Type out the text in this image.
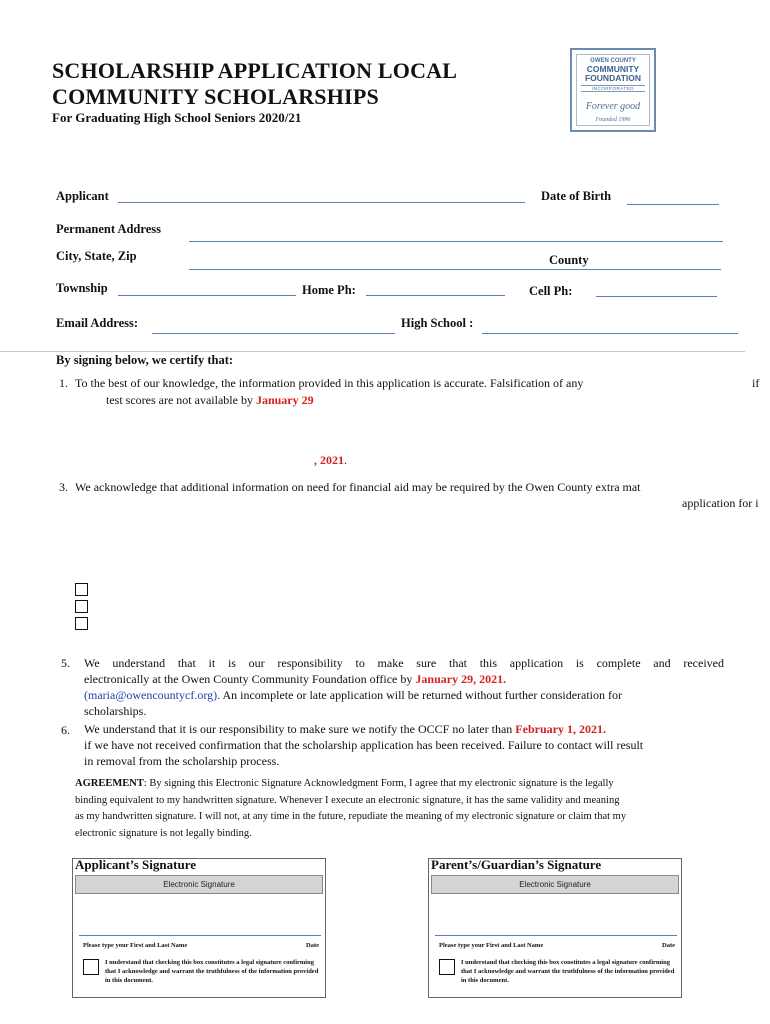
SCHOLARSHIP APPLICATION LOCAL
COMMUNITY SCHOLARSHIPS
For Graduating High School Seniors 2020/21
OWEN COUNTY
COMMUNITY
FOUNDATION
INCORPORATED
Forever good
Founded 1996
Applicant	Date of Birth
Permanent Address
City, State, Zip	County
Township	Home Ph:	Cell Ph:
Email Address:	High School :
By signing below, we certify that:
1. To the best of our knowledge, the information provided in this application is accurate. Falsification of any	if
test scores are not available by January 29
, 2021.
3. We acknowledge that additional information on need for financial aid may be required by the Owen County extra mat
application for i
5. We understand that it is our responsibility to make sure that this application is complete and received
electronically at the Owen County Community Foundation office by January 29, 2021.
(maria@owencountycf.org). An incomplete or late application will be returned without further consideration for
scholarships.
6. We understand that it is our responsibility to make sure we notify the OCCF no later than February 1, 2021.
if we have not received confirmation that the scholarship application has been received. Failure to contact will result
in removal from the scholarship process.
AGREEMENT: By signing this Electronic Signature Acknowledgment Form, I agree that my electronic signature is the legally
binding equivalent to my handwritten signature. Whenever I execute an electronic signature, it has the same validity and meaning
as my handwritten signature. I will not, at any time in the future, repudiate the meaning of my electronic signature or claim that my
electronic signature is not legally binding.
Applicant’s Signature
Electronic Signature
Please type your First and Last Name	Date
I understand that checking this box constitutes a legal signature confirming that I acknowledge and warrant the truthfulness of the information provided in this document.
Parent’s/Guardian’s Signature
Electronic Signature
Please type your First and Last Name	Date
I understand that checking this box constitutes a legal signature confirming that I acknowledge and warrant the truthfulness of the information provided in this document.
